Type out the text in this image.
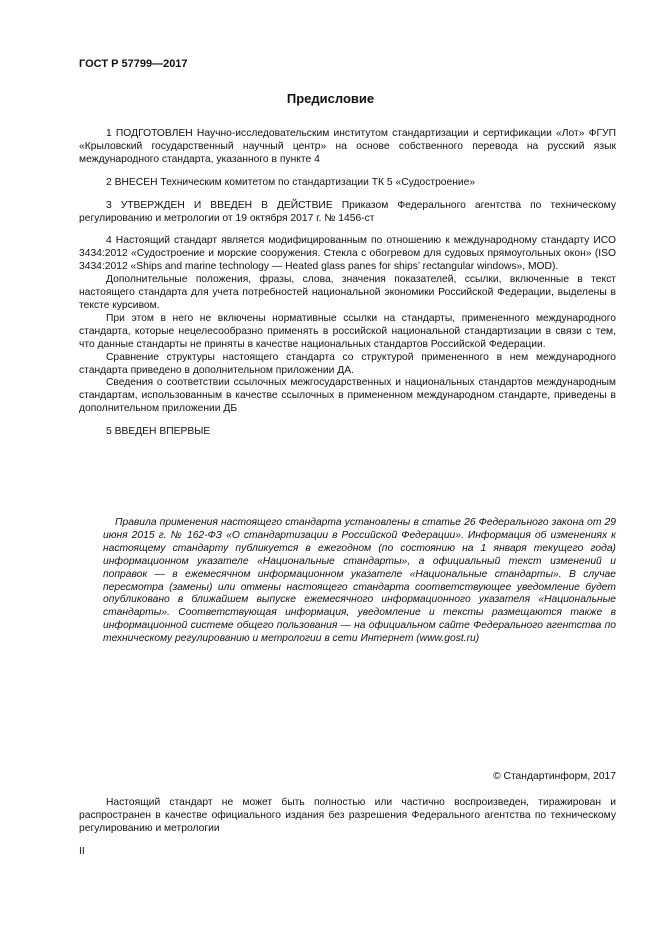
ГОСТ Р 57799—2017
Предисловие

1 ПОДГОТОВЛЕН Научно-исследовательским институтом стандартизации и сертификации «Лот» ФГУП «Крыловский государственный научный центр» на основе собственного перевода на русский язык международного стандарта, указанного в пункте 4

2 ВНЕСЕН Техническим комитетом по стандартизации ТК 5 «Судостроение»

3 УТВЕРЖДЕН И ВВЕДЕН В ДЕЙСТВИЕ Приказом Федерального агентства по техническому регулированию и метрологии от 19 октября 2017 г. № 1456-ст

4 Настоящий стандарт является модифицированным по отношению к международному стандарту ИСО 3434:2012 «Судостроение и морские сооружения. Стекла с обогревом для судовых прямоугольных окон» (ISO 3434:2012 «Ships and marine technology — Heated glass panes for ships’ rectangular windows», MOD).

Дополнительные положения, фразы, слова, значения показателей, ссылки, включенные в текст настоящего стандарта для учета потребностей национальной экономики Российской Федерации, выделены в тексте курсивом.

При этом в него не включены нормативные ссылки на стандарты, примененного международного стандарта, которые нецелесообразно применять в российской национальной стандартизации в связи с тем, что данные стандарты не приняты в качестве национальных стандартов Российской Федерации.

Сравнение структуры настоящего стандарта со структурой примененного в нем международного стандарта приведено в дополнительном приложении ДА.

Сведения о соответствии ссылочных межгосударственных и национальных стандартов международным стандартам, использованным в качестве ссылочных в примененном международном стандарте, приведены в дополнительном приложении ДБ

5 ВВЕДЕН ВПЕРВЫЕ

Правила применения настоящего стандарта установлены в статье 26 Федерального закона от 29 июня 2015 г. № 162-ФЗ «О стандартизации в Российской Федерации». Информация об изменениях к настоящему стандарту публикуется в ежегодном (по состоянию на 1 января текущего года) информационном указателе «Национальные стандарты», а официальный текст изменений и поправок — в ежемесячном информационном указателе «Национальные стандарты». В случае пересмотра (замены) или отмены настоящего стандарта соответствующее уведомление будет опубликовано в ближайшем выпуске ежемесячного информационного указателя «Национальные стандарты». Соответствующая информация, уведомление и тексты размещаются также в информационной системе общего пользования — на официальном сайте Федерального агентства по техническому регулированию и метрологии в сети Интернет (www.gost.ru)

© Стандартинформ, 2017

Настоящий стандарт не может быть полностью или частично воспроизведен, тиражирован и распространен в качестве официального издания без разрешения Федерального агентства по техническому регулированию и метрологии

II
